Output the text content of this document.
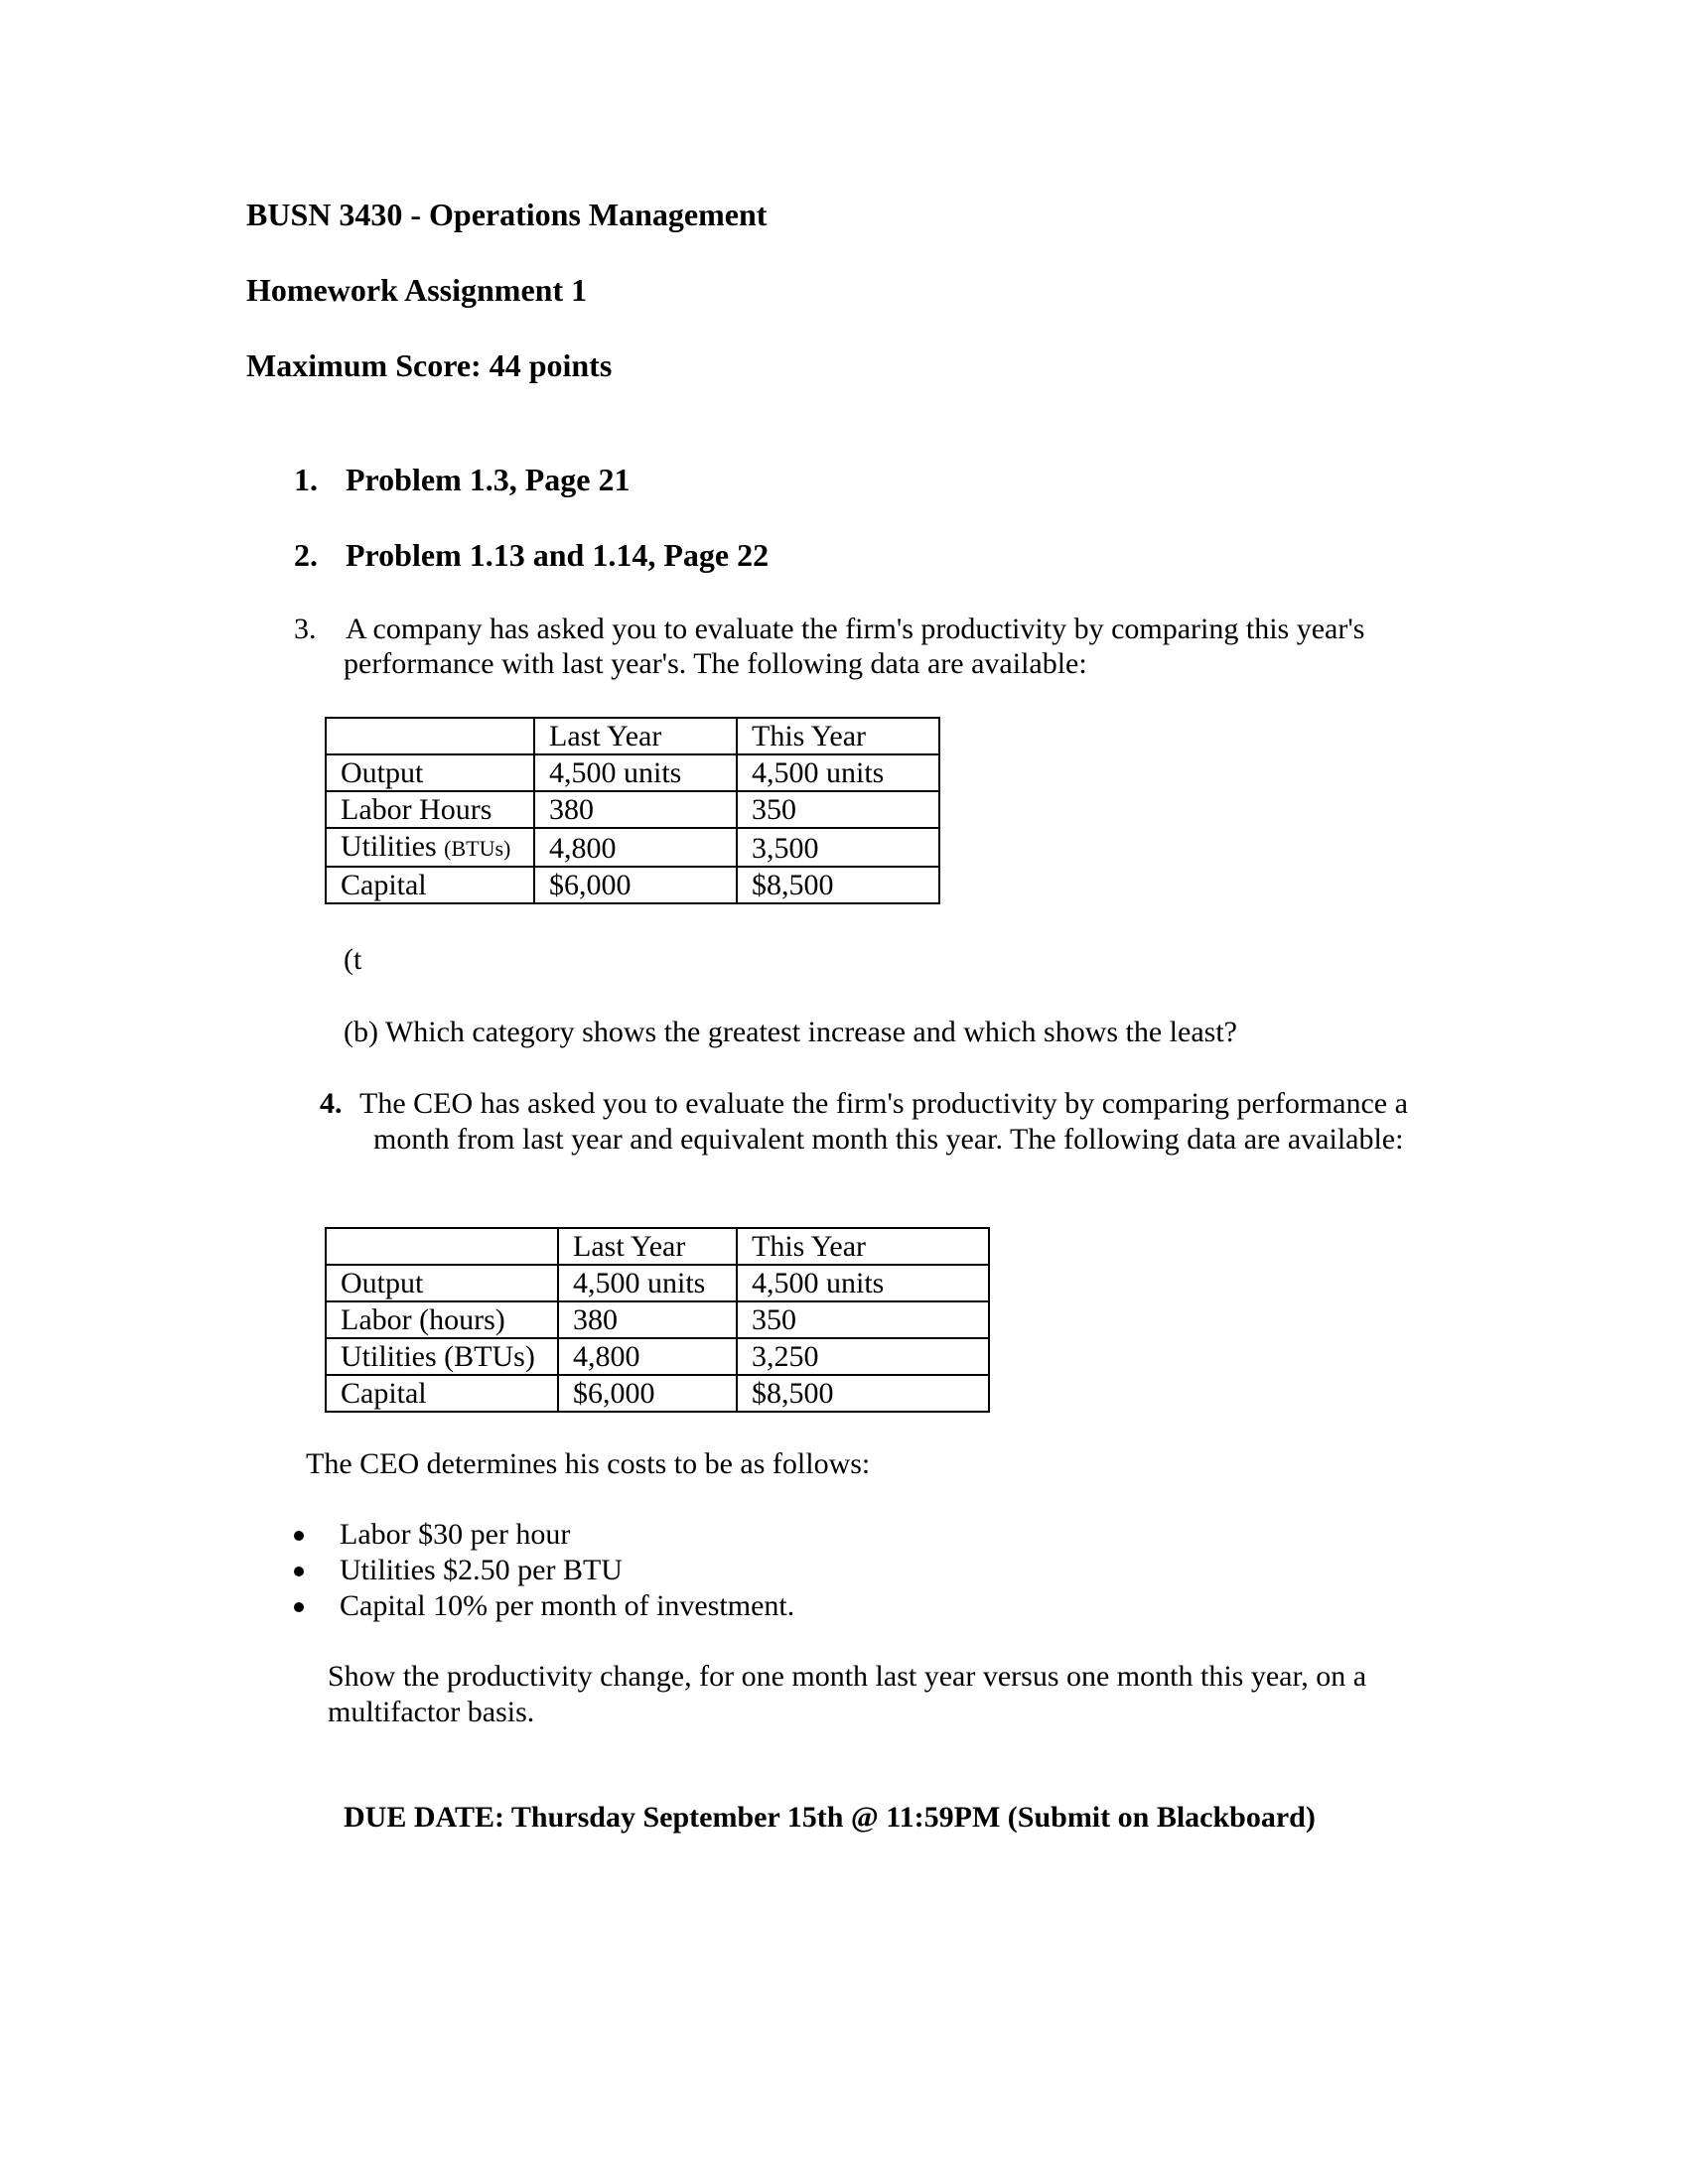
BUSN 3430 - Operations Management
Homework Assignment 1
Maximum Score: 44 points
1. Problem 1.3, Page 21
2. Problem 1.13 and 1.14, Page 22
3. A company has asked you to evaluate the firm's productivity by comparing this year's
performance with last year's. The following data are available:
	Last Year	This Year
Output	4,500 units	4,500 units
Labor Hours	380	350
Utilities (BTUs)	4,800	3,500
Capital	$6,000	$8,500
(t
(b) Which category shows the greatest increase and which shows the least?
4. The CEO has asked you to evaluate the firm's productivity by comparing performance a
month from last year and equivalent month this year. The following data are available:
	Last Year	This Year
Output	4,500 units	4,500 units
Labor (hours)	380	350
Utilities (BTUs)	4,800	3,250
Capital	$6,000	$8,500
The CEO determines his costs to be as follows:
Labor $30 per hour
Utilities $2.50 per BTU
Capital 10% per month of investment.
Show the productivity change, for one month last year versus one month this year, on a
multifactor basis.
DUE DATE: Thursday September 15th @ 11:59PM (Submit on Blackboard)
